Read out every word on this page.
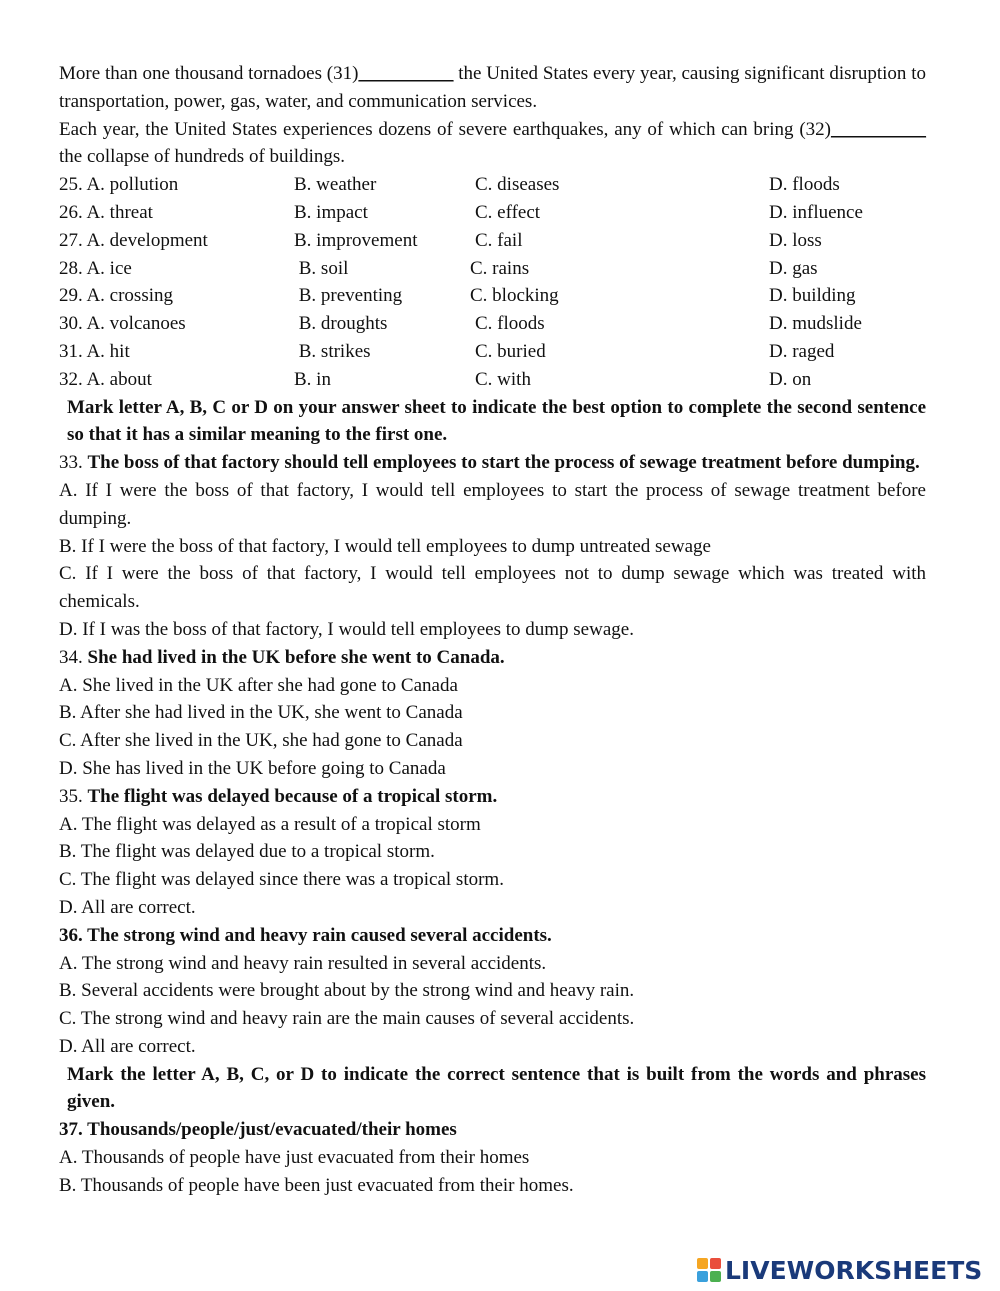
More than one thousand tornadoes (31)__________ the United States every year, causing significant disruption to transportation, power, gas, water, and communication services.

Each year, the United States experiences dozens of severe earthquakes, any of which can bring (32)__________ the collapse of hundreds of buildings.

25. A. pollution	B. weather	C. diseases	D. floods
26. A. threat	B. impact	C. effect	D. influence
27. A. development	B. improvement	C. fail	D. loss
28. A. ice	B. soil	C. rains	D. gas
29. A. crossing	B. preventing	C. blocking	D. building
30. A. volcanoes	B. droughts	C. floods	D. mudslide
31. A. hit	B. strikes	C. buried	D. raged
32. A. about	B. in	C. with	D. on

Mark letter A, B, C or D on your answer sheet to indicate the best option to complete the second sentence so that it has a similar meaning to the first one.

33. The boss of that factory should tell employees to start the process of sewage treatment before dumping.

A. If I were the boss of that factory, I would tell employees to start the process of sewage treatment before dumping.

B. If I were the boss of that factory, I would tell employees to dump untreated sewage

C. If I were the boss of that factory, I would tell employees not to dump sewage which was treated with chemicals.

D. If I was the boss of that factory, I would tell employees to dump sewage.

34. She had lived in the UK before she went to Canada.

A. She lived in the UK after she had gone to Canada

B. After she had lived in the UK, she went to Canada

C. After she lived in the UK, she had gone to Canada

D. She has lived in the UK before going to Canada

35. The flight was delayed because of a tropical storm.

A. The flight was delayed as a result of a tropical storm

B. The flight was delayed due to a tropical storm.

C. The flight was delayed since there was a tropical storm.

D. All are correct.

36. The strong wind and heavy rain caused several accidents.

A. The strong wind and heavy rain resulted in several accidents.

B. Several accidents were brought about by the strong wind and heavy rain.

C. The strong wind and heavy rain are the main causes of several accidents.

D. All are correct.

Mark the letter A, B, C, or D to indicate the correct sentence that is built from the words and phrases given.

37. Thousands/people/just/evacuated/their homes

A. Thousands of people have just evacuated from their homes

B. Thousands of people have been just evacuated from their homes.

LIVEWORKSHEETS
